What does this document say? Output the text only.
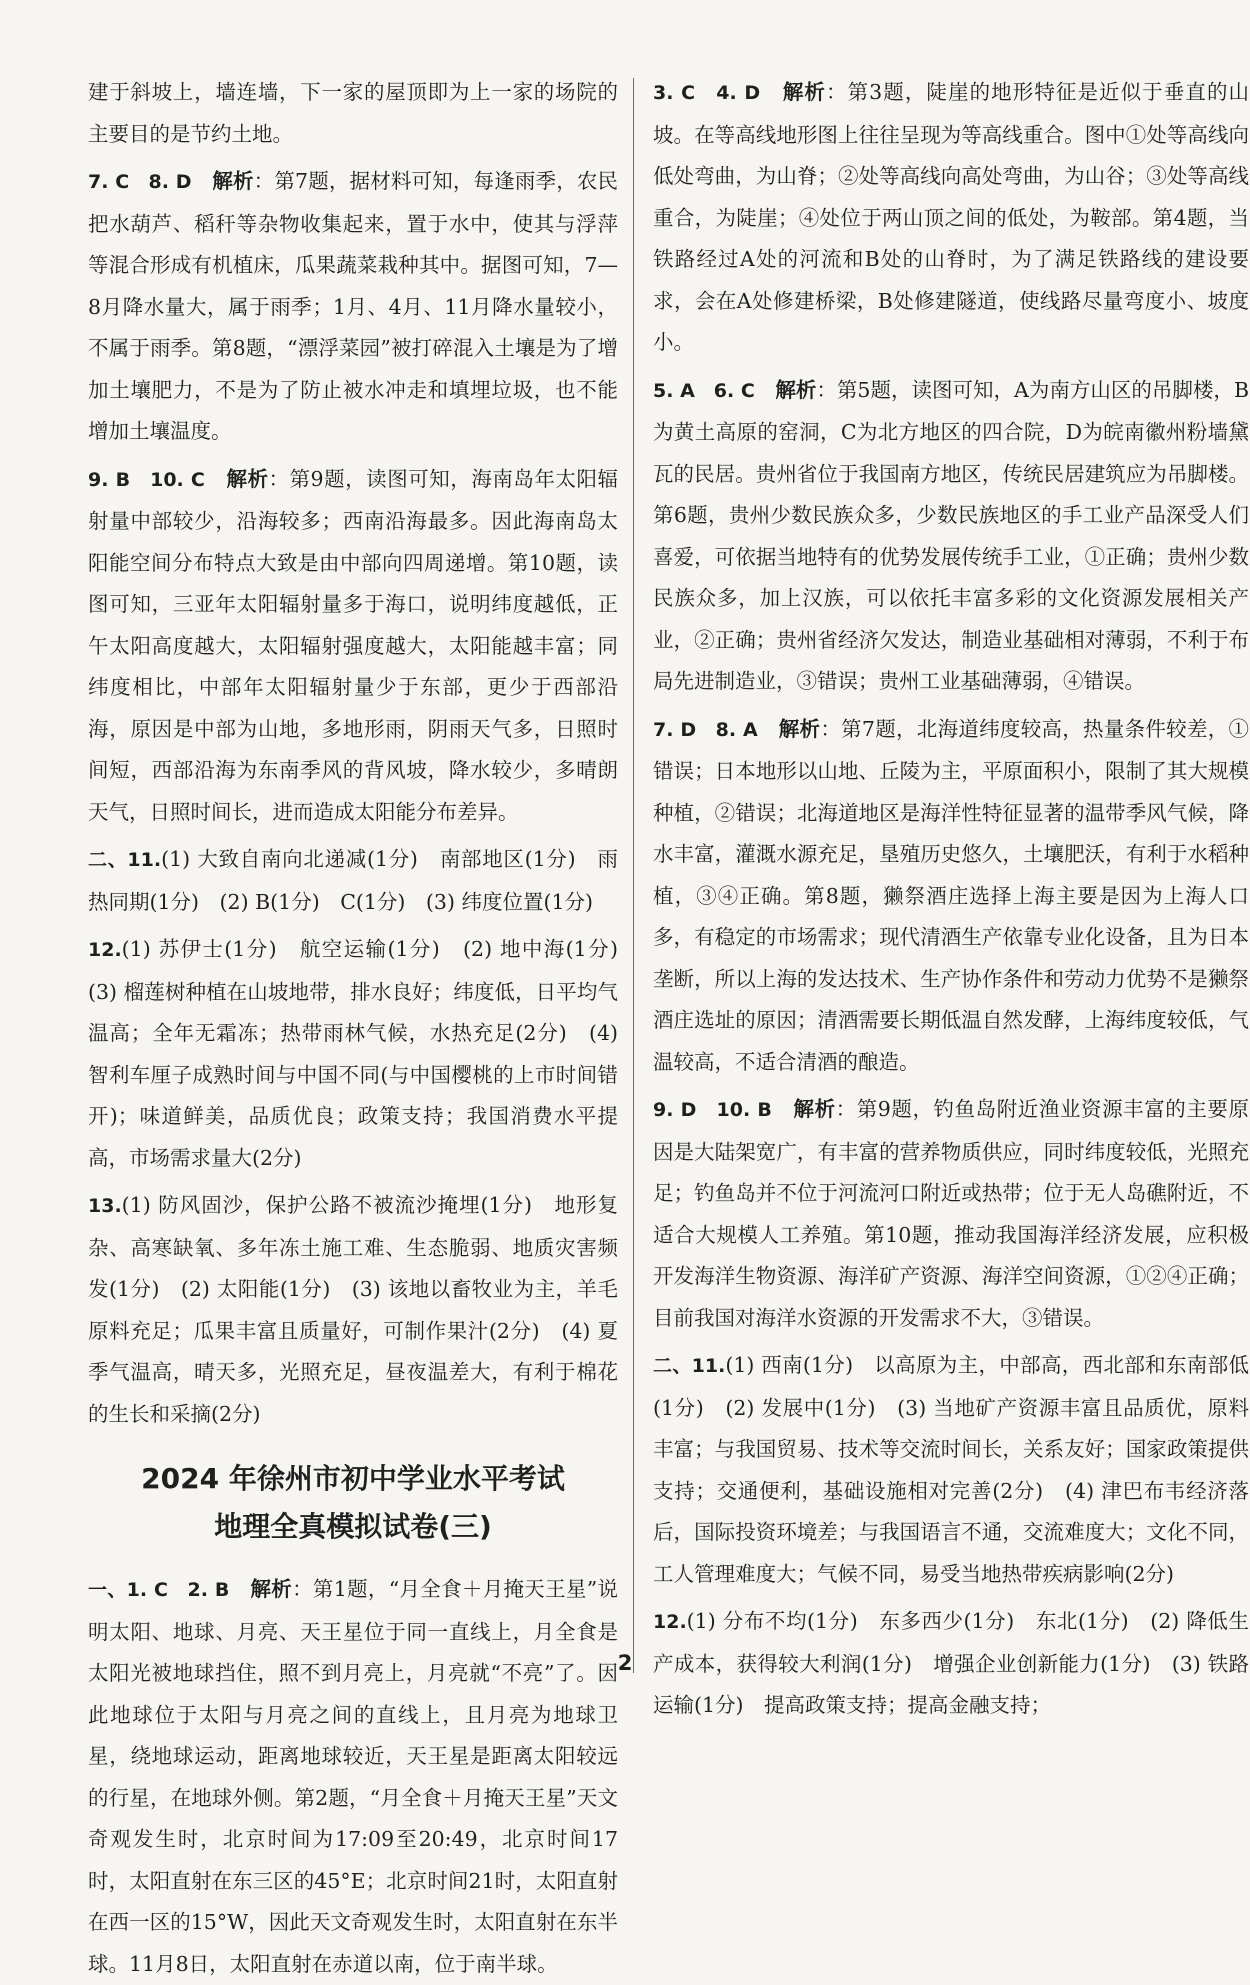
建于斜坡上，墙连墙，下一家的屋顶即为上一家的场院的主要目的是节约土地。

7. C　8. D　 解析：第7题，据材料可知，每逢雨季，农民把水葫芦、稻秆等杂物收集起来，置于水中，使其与浮萍等混合形成有机植床，瓜果蔬菜栽种其中。据图可知，7—8月降水量大，属于雨季；1月、4月、11月降水量较小，不属于雨季。第8题，“漂浮菜园”被打碎混入土壤是为了增加土壤肥力，不是为了防止被水冲走和填埋垃圾，也不能增加土壤温度。

9. B　10. C　 解析：第9题，读图可知，海南岛年太阳辐射量中部较少，沿海较多；西南沿海最多。因此海南岛太阳能空间分布特点大致是由中部向四周递增。第10题，读图可知，三亚年太阳辐射量多于海口，说明纬度越低，正午太阳高度越大，太阳辐射强度越大，太阳能越丰富；同纬度相比，中部年太阳辐射量少于东部，更少于西部沿海，原因是中部为山地，多地形雨，阴雨天气多，日照时间短，西部沿海为东南季风的背风坡，降水较少，多晴朗天气，日照时间长，进而造成太阳能分布差异。

二、11.(1) 大致自南向北递减(1分)　南部地区(1分)　雨热同期(1分)　(2) B(1分)　C(1分)　(3) 纬度位置(1分)

12.(1) 苏伊士(1分)　航空运输(1分)　(2) 地中海(1分)　(3) 榴莲树种植在山坡地带，排水良好；纬度低，日平均气温高；全年无霜冻；热带雨林气候，水热充足(2分)　(4) 智利车厘子成熟时间与中国不同(与中国樱桃的上市时间错开)；味道鲜美，品质优良；政策支持；我国消费水平提高，市场需求量大(2分)

13.(1) 防风固沙，保护公路不被流沙掩埋(1分)　地形复杂、高寒缺氧、多年冻土施工难、生态脆弱、地质灾害频发(1分)　(2) 太阳能(1分)　(3) 该地以畜牧业为主，羊毛原料充足；瓜果丰富且质量好，可制作果汁(2分)　(4) 夏季气温高，晴天多，光照充足，昼夜温差大，有利于棉花的生长和采摘(2分)

2024 年徐州市初中学业水平考试
地理全真模拟试卷(三)

一、1. C　2. B　 解析：第1题，“月全食＋月掩天王星”说明太阳、地球、月亮、天王星位于同一直线上，月全食是太阳光被地球挡住，照不到月亮上，月亮就“不亮”了。因此地球位于太阳与月亮之间的直线上，且月亮为地球卫星，绕地球运动，距离地球较近，天王星是距离太阳较远的行星，在地球外侧。第2题，“月全食＋月掩天王星”天文奇观发生时，北京时间为17:09至20:49，北京时间17时，太阳直射在东三区的45°E；北京时间21时，太阳直射在西一区的15°W，因此天文奇观发生时，太阳直射在东半球。11月8日，太阳直射在赤道以南，位于南半球。

3. C　4. D　 解析：第3题，陡崖的地形特征是近似于垂直的山坡。在等高线地形图上往往呈现为等高线重合。图中①处等高线向低处弯曲，为山脊；②处等高线向高处弯曲，为山谷；③处等高线重合，为陡崖；④处位于两山顶之间的低处，为鞍部。第4题，当铁路经过A处的河流和B处的山脊时，为了满足铁路线的建设要求，会在A处修建桥梁，B处修建隧道，使线路尽量弯度小、坡度小。

5. A　6. C　 解析：第5题，读图可知，A为南方山区的吊脚楼，B为黄土高原的窑洞，C为北方地区的四合院，D为皖南徽州粉墙黛瓦的民居。贵州省位于我国南方地区，传统民居建筑应为吊脚楼。第6题，贵州少数民族众多，少数民族地区的手工业产品深受人们喜爱，可依据当地特有的优势发展传统手工业，①正确；贵州少数民族众多，加上汉族，可以依托丰富多彩的文化资源发展相关产业，②正确；贵州省经济欠发达，制造业基础相对薄弱，不利于布局先进制造业，③错误；贵州工业基础薄弱，④错误。

7. D　8. A　 解析：第7题，北海道纬度较高，热量条件较差，①错误；日本地形以山地、丘陵为主，平原面积小，限制了其大规模种植，②错误；北海道地区是海洋性特征显著的温带季风气候，降水丰富，灌溉水源充足，垦殖历史悠久，土壤肥沃，有利于水稻种植，③④正确。第8题，獭祭酒庄选择上海主要是因为上海人口多，有稳定的市场需求；现代清酒生产依靠专业化设备，且为日本垄断，所以上海的发达技术、生产协作条件和劳动力优势不是獭祭酒庄选址的原因；清酒需要长期低温自然发酵，上海纬度较低，气温较高，不适合清酒的酿造。

9. D　10. B　 解析：第9题，钓鱼岛附近渔业资源丰富的主要原因是大陆架宽广，有丰富的营养物质供应，同时纬度较低，光照充足；钓鱼岛并不位于河流河口附近或热带；位于无人岛礁附近，不适合大规模人工养殖。第10题，推动我国海洋经济发展，应积极开发海洋生物资源、海洋矿产资源、海洋空间资源，①②④正确；目前我国对海洋水资源的开发需求不大，③错误。

二、11.(1) 西南(1分)　以高原为主，中部高，西北部和东南部低(1分)　(2) 发展中(1分)　(3) 当地矿产资源丰富且品质优，原料丰富；与我国贸易、技术等交流时间长，关系友好；国家政策提供支持；交通便利，基础设施相对完善(2分)　(4) 津巴布韦经济落后，国际投资环境差；与我国语言不通，交流难度大；文化不同，工人管理难度大；气候不同，易受当地热带疾病影响(2分)

12.(1) 分布不均(1分)　东多西少(1分)　东北(1分)　(2) 降低生产成本，获得较大利润(1分)　增强企业创新能力(1分)　(3) 铁路运输(1分)　提高政策支持；提高金融支持；

2
